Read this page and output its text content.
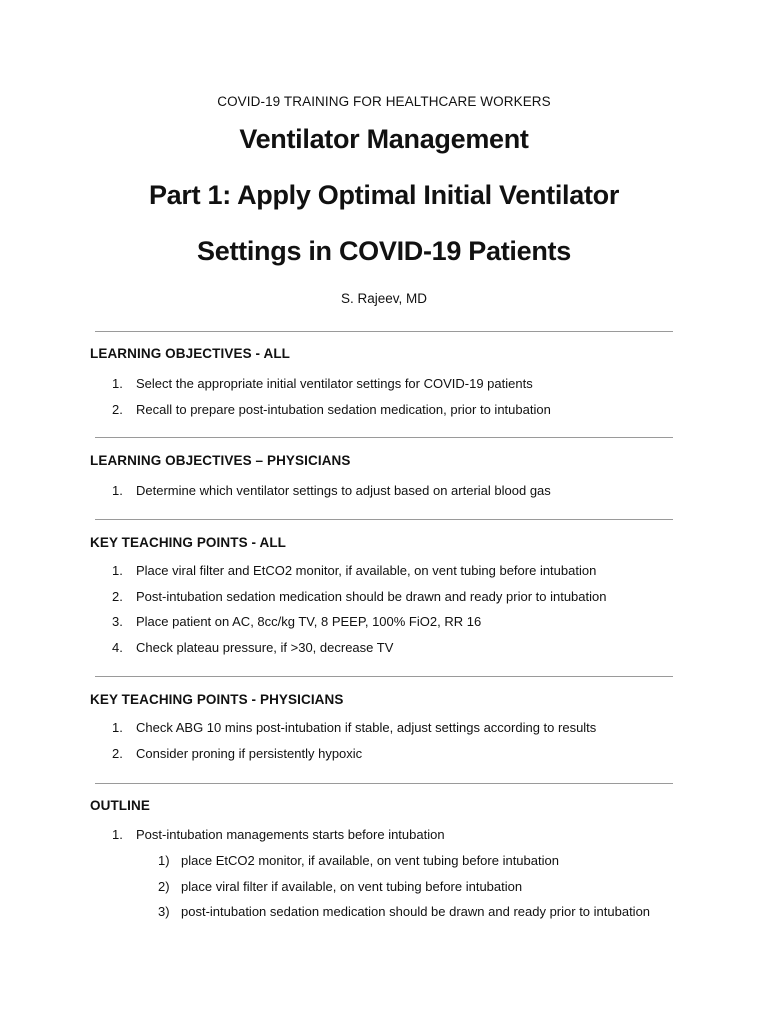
COVID-19 TRAINING FOR HEALTHCARE WORKERS
Ventilator Management
Part 1: Apply Optimal Initial Ventilator
Settings in COVID-19 Patients
S. Rajeev, MD
LEARNING OBJECTIVES - ALL
1. Select the appropriate initial ventilator settings for COVID-19 patients
2. Recall to prepare post-intubation sedation medication, prior to intubation
LEARNING OBJECTIVES – PHYSICIANS
1. Determine which ventilator settings to adjust based on arterial blood gas
KEY TEACHING POINTS - ALL
1. Place viral filter and EtCO2 monitor, if available, on vent tubing before intubation
2. Post-intubation sedation medication should be drawn and ready prior to intubation
3. Place patient on AC, 8cc/kg TV, 8 PEEP, 100% FiO2, RR 16
4. Check plateau pressure, if >30, decrease TV
KEY TEACHING POINTS - PHYSICIANS
1. Check ABG 10 mins post-intubation if stable, adjust settings according to results
2. Consider proning if persistently hypoxic
OUTLINE
1. Post-intubation managements starts before intubation
1) place EtCO2 monitor, if available, on vent tubing before intubation
2) place viral filter if available, on vent tubing before intubation
3) post-intubation sedation medication should be drawn and ready prior to intubation
